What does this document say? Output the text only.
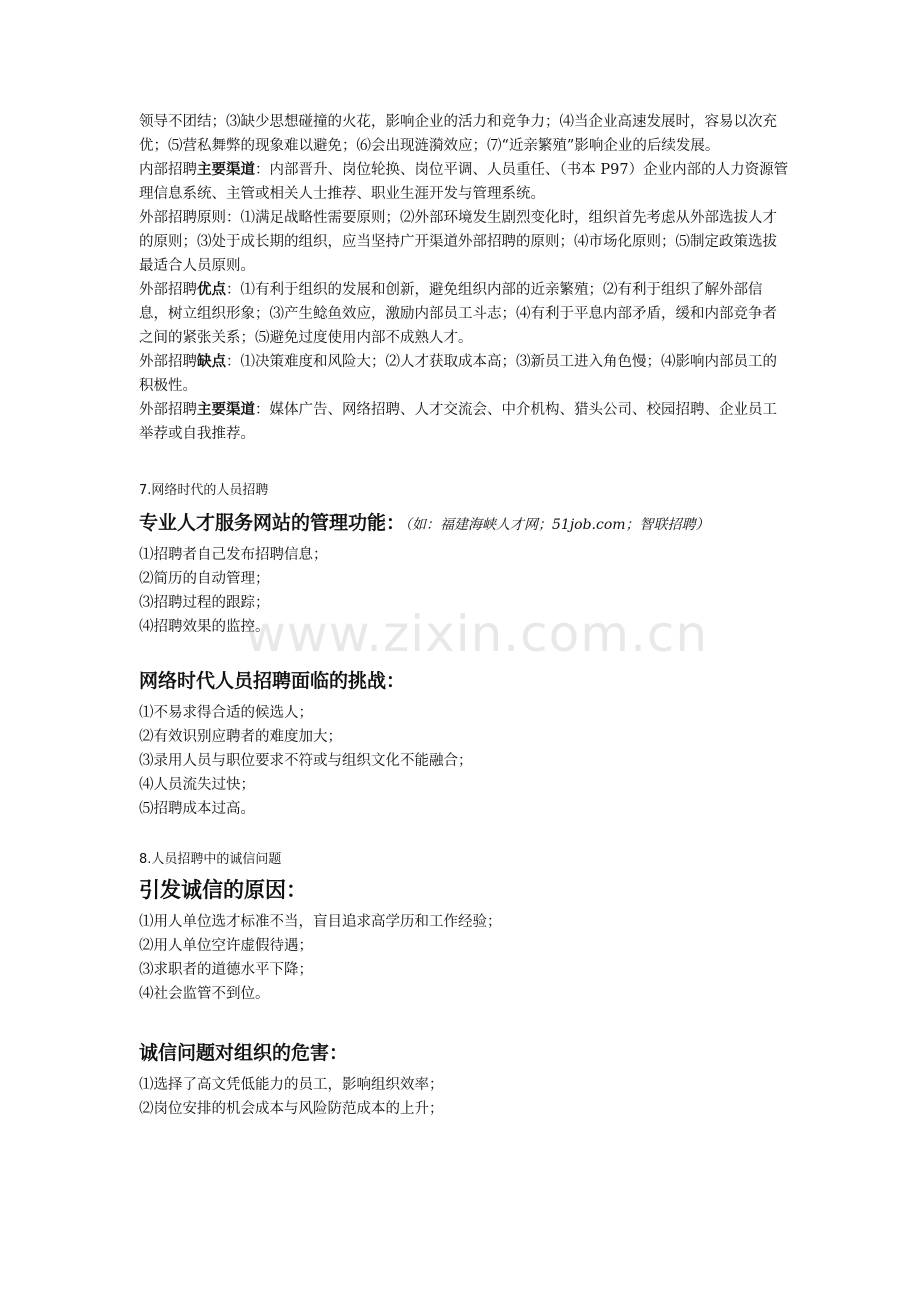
领导不团结；⑶缺少思想碰撞的火花，影响企业的活力和竞争力；⑷当企业高速发展时，容易以次充优；⑸营私舞弊的现象难以避免；⑹会出现涟漪效应；⑺“近亲繁殖”影响企业的后续发展。

内部招聘主要渠道：内部晋升、岗位轮换、岗位平调、人员重任、（书本 P97）企业内部的人力资源管理信息系统、主管或相关人士推荐、职业生涯开发与管理系统。

外部招聘原则：⑴满足战略性需要原则；⑵外部环境发生剧烈变化时，组织首先考虑从外部选拔人才的原则；⑶处于成长期的组织，应当坚持广开渠道外部招聘的原则；⑷市场化原则；⑸制定政策选拔最适合人员原则。

外部招聘优点：⑴有利于组织的发展和创新，避免组织内部的近亲繁殖；⑵有利于组织了解外部信息，树立组织形象；⑶产生鲶鱼效应，激励内部员工斗志；⑷有利于平息内部矛盾，缓和内部竞争者之间的紧张关系；⑸避免过度使用内部不成熟人才。

外部招聘缺点：⑴决策难度和风险大；⑵人才获取成本高；⑶新员工进入角色慢；⑷影响内部员工的积极性。

外部招聘主要渠道：媒体广告、网络招聘、人才交流会、中介机构、猎头公司、校园招聘、企业员工举荐或自我推荐。

7.网络时代的人员招聘

专业人才服务网站的管理功能：（如：福建海峡人才网；51job.com；智联招聘）

⑴招聘者自己发布招聘信息；

⑵简历的自动管理；

⑶招聘过程的跟踪；

⑷招聘效果的监控。

网络时代人员招聘面临的挑战：

⑴不易求得合适的候选人；

⑵有效识别应聘者的难度加大；

⑶录用人员与职位要求不符或与组织文化不能融合；

⑷人员流失过快；

⑸招聘成本过高。

8.人员招聘中的诚信问题

引发诚信的原因：

⑴用人单位选才标准不当，盲目追求高学历和工作经验；

⑵用人单位空许虚假待遇；

⑶求职者的道德水平下降；

⑷社会监管不到位。

诚信问题对组织的危害：

⑴选择了高文凭低能力的员工，影响组织效率；

⑵岗位安排的机会成本与风险防范成本的上升；

www.zixin.com.cn
